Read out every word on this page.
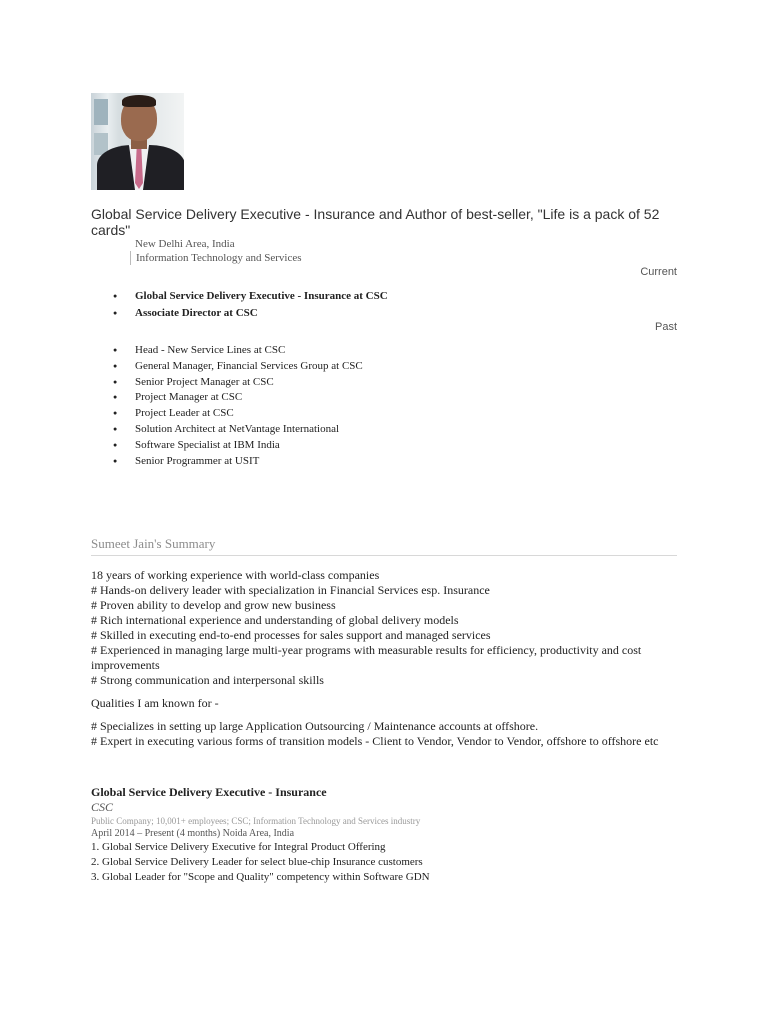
Global Service Delivery Executive - Insurance and Author of best-seller, "Life is a pack of 52 cards"
New Delhi Area, India
Information Technology and Services
Current
● Global Service Delivery Executive - Insurance at CSC
● Associate Director at CSC
Past
● Head - New Service Lines at CSC
● General Manager, Financial Services Group at CSC
● Senior Project Manager at CSC
● Project Manager at CSC
● Project Leader at CSC
● Solution Architect at NetVantage International
● Software Specialist at IBM India
● Senior Programmer at USIT
Sumeet Jain's Summary

18 years of working experience with world-class companies

# Hands-on delivery leader with specialization in Financial Services esp. Insurance

# Proven ability to develop and grow new business

# Rich international experience and understanding of global delivery models

# Skilled in executing end-to-end processes for sales support and managed services

# Experienced in managing large multi-year programs with measurable results for efficiency, productivity and cost improvements

# Strong communication and interpersonal skills

Qualities I am known for -

# Specializes in setting up large Application Outsourcing / Maintenance accounts at offshore.

# Expert in executing various forms of transition models - Client to Vendor, Vendor to Vendor, offshore to offshore etc

Global Service Delivery Executive - Insurance
CSC
Public Company; 10,001+ employees; CSC; Information Technology and Services industry
April 2014 – Present (4 months) Noida Area, India
1. Global Service Delivery Executive for Integral Product Offering
2. Global Service Delivery Leader for select blue-chip Insurance customers
3. Global Leader for "Scope and Quality" competency within Software GDN
